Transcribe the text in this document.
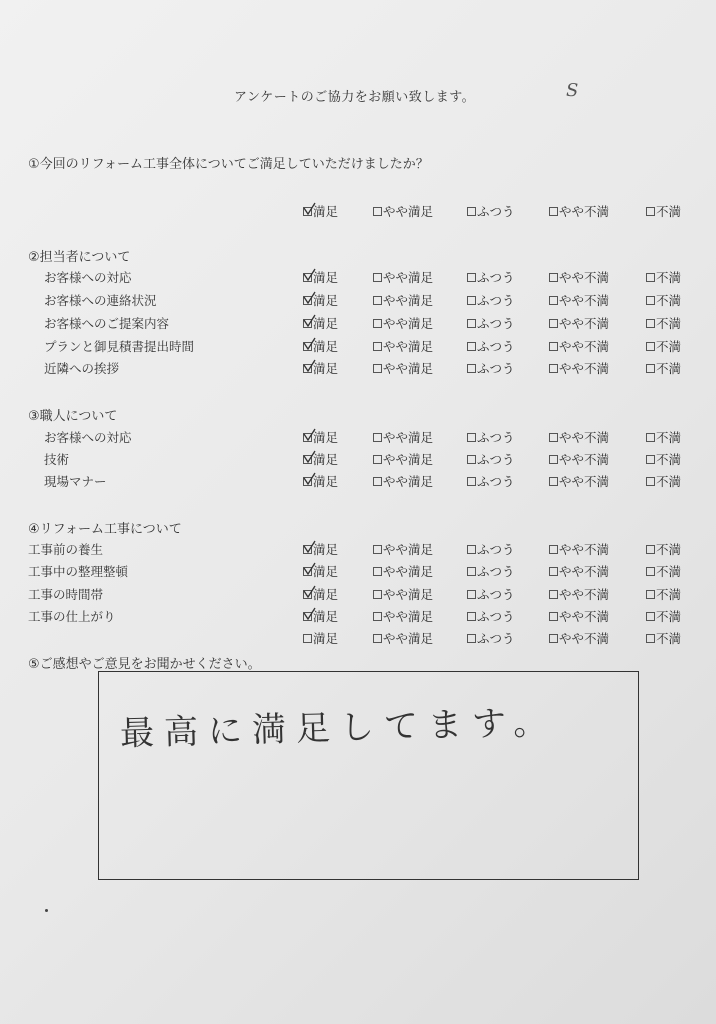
アンケートのご協力をお願い致します。	S
①今回のリフォーム工事全体についてご満足していただけましたか？
満足	やや満足	ふつう	やや不満	不満
②担当者について
お客様への対応	満足	やや満足	ふつう	やや不満	不満
お客様への連絡状況	満足	やや満足	ふつう	やや不満	不満
お客様へのご提案内容	満足	やや満足	ふつう	やや不満	不満
プランと御見積書提出時間	満足	やや満足	ふつう	やや不満	不満
近隣への挨拶	満足	やや満足	ふつう	やや不満	不満
③職人について
お客様への対応	満足	やや満足	ふつう	やや不満	不満
技術	満足	やや満足	ふつう	やや不満	不満
現場マナー	満足	やや満足	ふつう	やや不満	不満
④リフォーム工事について
工事前の養生	満足	やや満足	ふつう	やや不満	不満
工事中の整理整頓	満足	やや満足	ふつう	やや不満	不満
工事の時間帯	満足	やや満足	ふつう	やや不満	不満
工事の仕上がり	満足	やや満足	ふつう	やや不満	不満
満足	やや満足	ふつう	やや不満	不満
⑤ご感想やご意見をお聞かせください。
最高に満足してます。
